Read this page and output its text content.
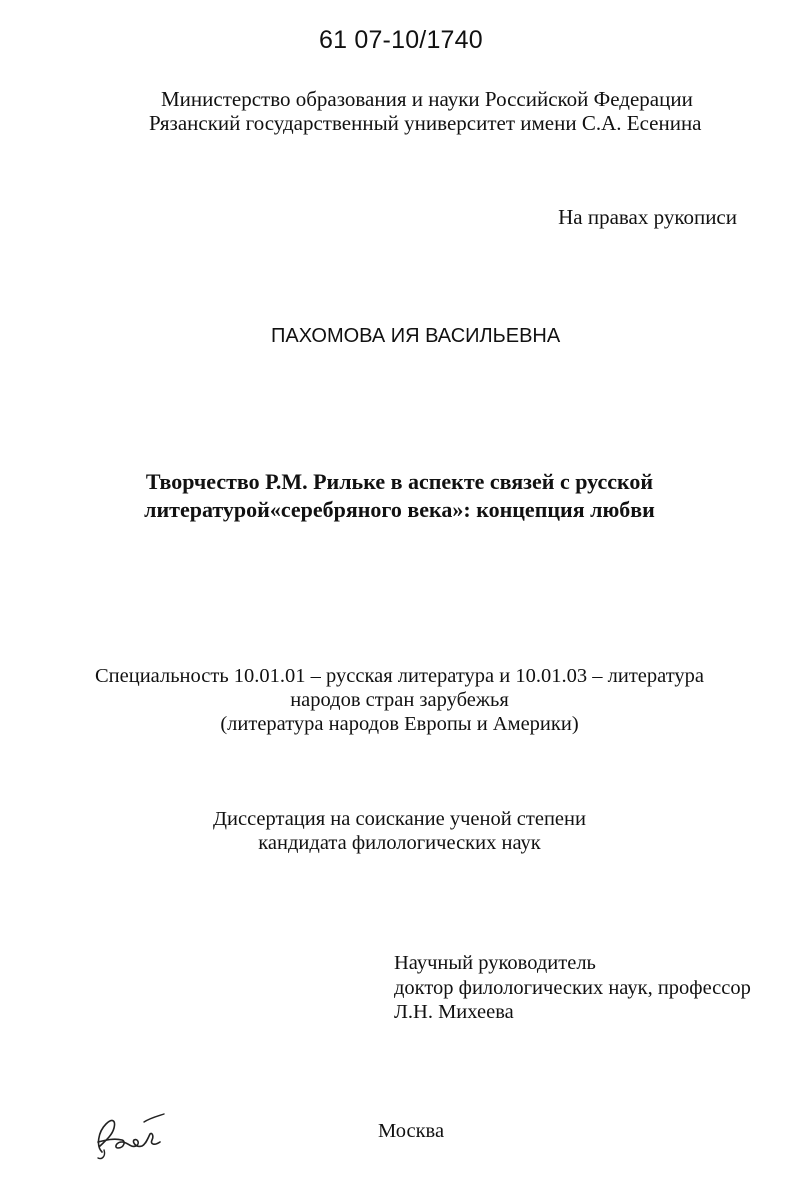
61 07-10/1740
Министерство образования и науки Российской Федерации
Рязанский государственный университет имени С.А. Есенина
На правах рукописи
ПАХОМОВА ИЯ ВАСИЛЬЕВНА
Творчество Р.М. Рильке в аспекте связей с русской
литературой«серебряного века»: концепция любви
Специальность 10.01.01 – русская литература и 10.01.03 – литература
народов стран зарубежья
(литература народов Европы и Америки)
Диссертация на соискание ученой степени
кандидата филологических наук
Научный руководитель
доктор филологических наук, профессор
Л.Н. Михеева
Москва
